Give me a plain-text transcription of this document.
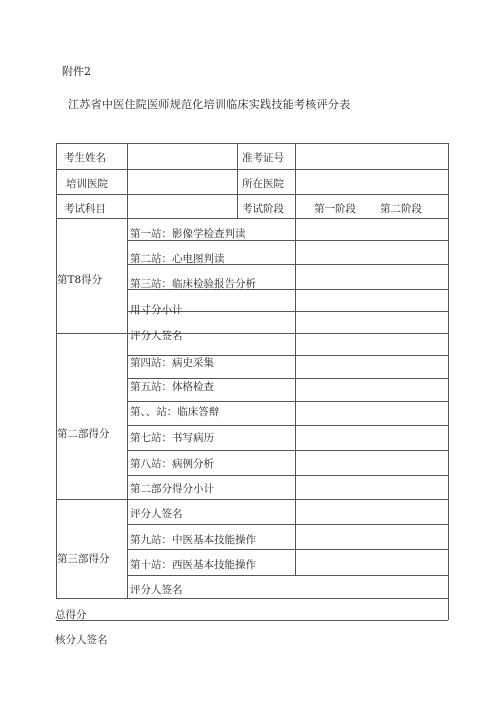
附件2
江苏省中医住院医师规范化培训临床实践技能考核评分表
考生姓名	准考证号
培训医院	所在医院
考试科目	考试阶段	第一阶段 第二阶段
第T8得分
第一站：影像学检查判读
第二站：心电图判读
第三站：临床检验报告分析
用寸分小计
评分人签名
第二部得分
第四站：病史采集
第五站：体格检查
第、、站：临床答辩
第七站：书写病历
第八站：病例分析
第二部分得分小计
评分人签名
第三部得分
第九站：中医基本技能操作
第十站：西医基本技能操作
评分人签名
总得分
核分人签名
